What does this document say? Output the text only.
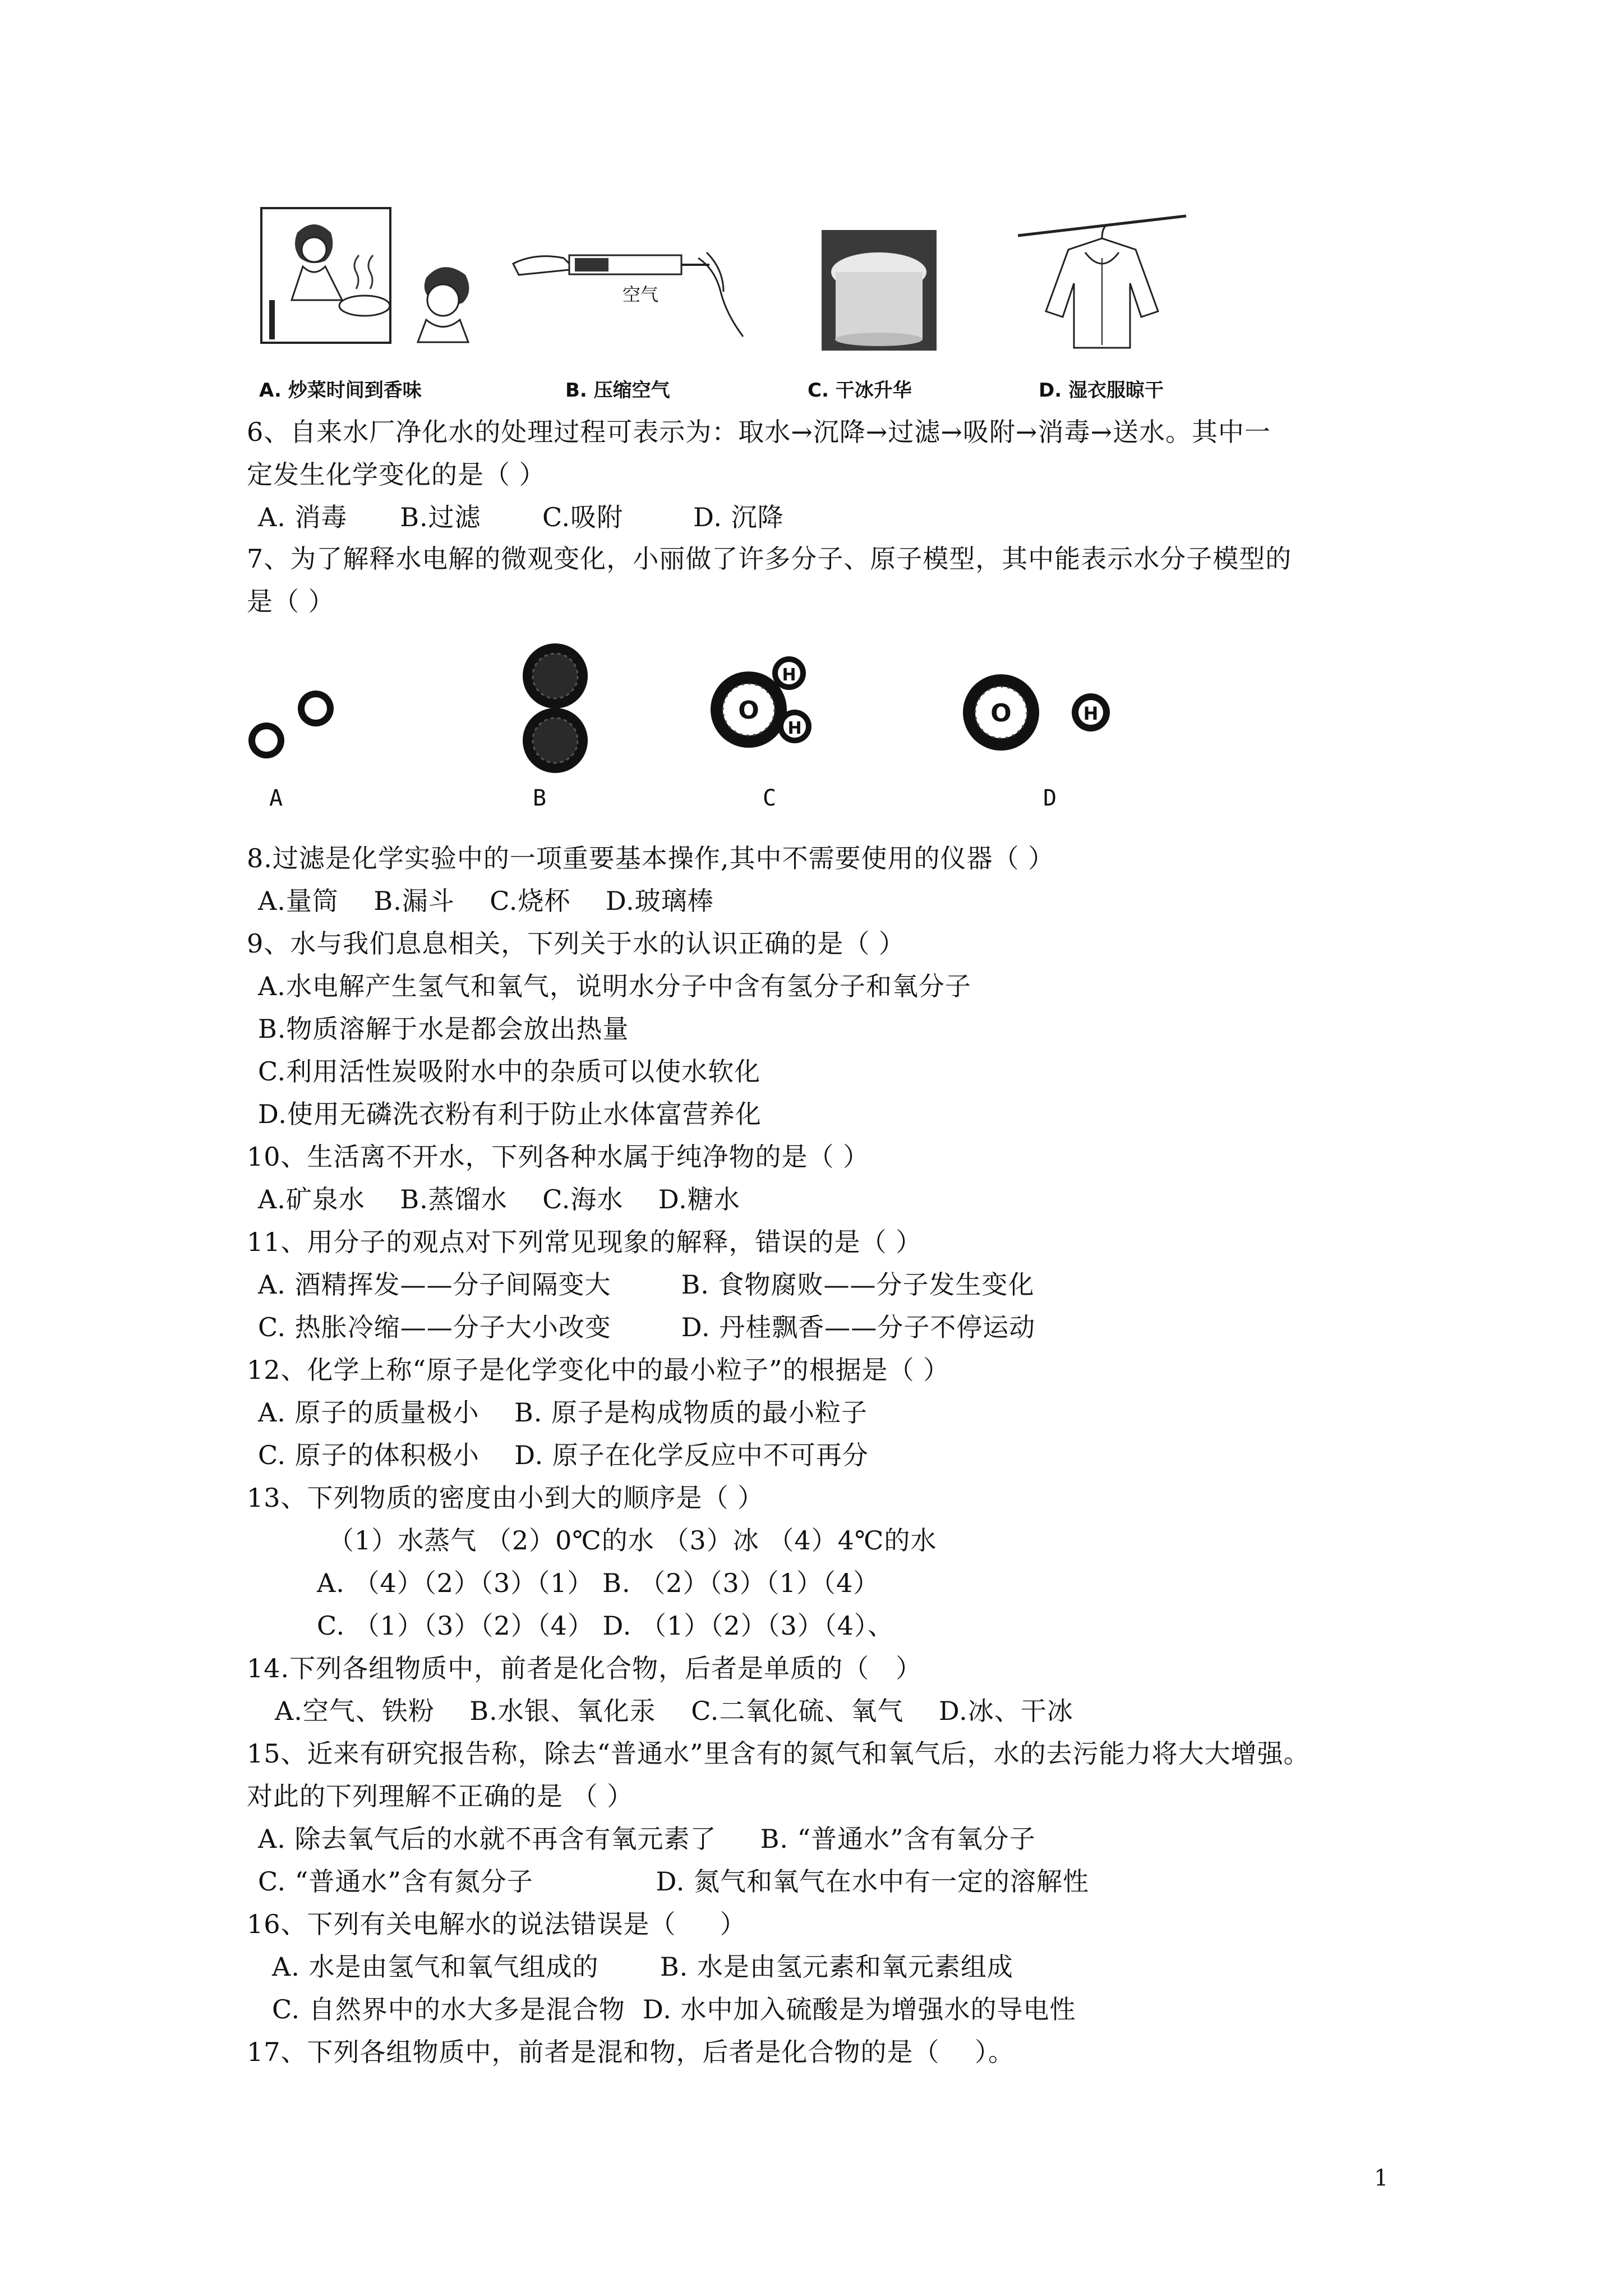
空气
A. 炒菜时间到香味	B. 压缩空气	C. 干冰升华	D. 湿衣服晾干
6、自来水厂净化水的处理过程可表示为：取水→沉降→过滤→吸附→消毒→送水。其中一
定发生化学变化的是（ ）
A. 消毒      B.过滤       C.吸附        D. 沉降
7、为了解释水电解的微观变化，小丽做了许多分子、原子模型，其中能表示水分子模型的
是（ ）
O
H
H
O	H
A	B	C	D
8.过滤是化学实验中的一项重要基本操作,其中不需要使用的仪器（ ）
A.量筒    B.漏斗    C.烧杯    D.玻璃棒
9、水与我们息息相关，下列关于水的认识正确的是（ ）
A.水电解产生氢气和氧气，说明水分子中含有氢分子和氧分子
B.物质溶解于水是都会放出热量
C.利用活性炭吸附水中的杂质可以使水软化
D.使用无磷洗衣粉有利于防止水体富营养化
10、生活离不开水，下列各种水属于纯净物的是（ ）
A.矿泉水    B.蒸馏水    C.海水    D.糖水
11、用分子的观点对下列常见现象的解释，错误的是（ ）
A. 酒精挥发——分子间隔变大        B. 食物腐败——分子发生变化
C. 热胀冷缩——分子大小改变        D. 丹桂飘香——分子不停运动
12、化学上称“原子是化学变化中的最小粒子”的根据是（ ）
A. 原子的质量极小    B. 原子是构成物质的最小粒子
C. 原子的体积极小    D. 原子在化学反应中不可再分
13、下列物质的密度由小到大的顺序是（ ）
（1）水蒸气 （2）0℃的水 （3）冰 （4）4℃的水
A. （4）（2）（3）（1） B. （2）（3）（1）（4）
C. （1）（3）（2）（4） D. （1）（2）（3）（4）、
14.下列各组物质中，前者是化合物，后者是单质的（   ）
A.空气、铁粉    B.水银、氧化汞    C.二氧化硫、氧气    D.冰、干冰
15、近来有研究报告称，除去“普通水”里含有的氮气和氧气后，水的去污能力将大大增强。
对此的下列理解不正确的是 （ ）
A. 除去氧气后的水就不再含有氧元素了     B. “普通水”含有氧分子
C. “普通水”含有氮分子              D. 氮气和氧气在水中有一定的溶解性
16、下列有关电解水的说法错误是（     ）
A. 水是由氢气和氧气组成的       B. 水是由氢元素和氧元素组成
C. 自然界中的水大多是混合物  D. 水中加入硫酸是为增强水的导电性
17、下列各组物质中，前者是混和物，后者是化合物的是（    ）。
1
